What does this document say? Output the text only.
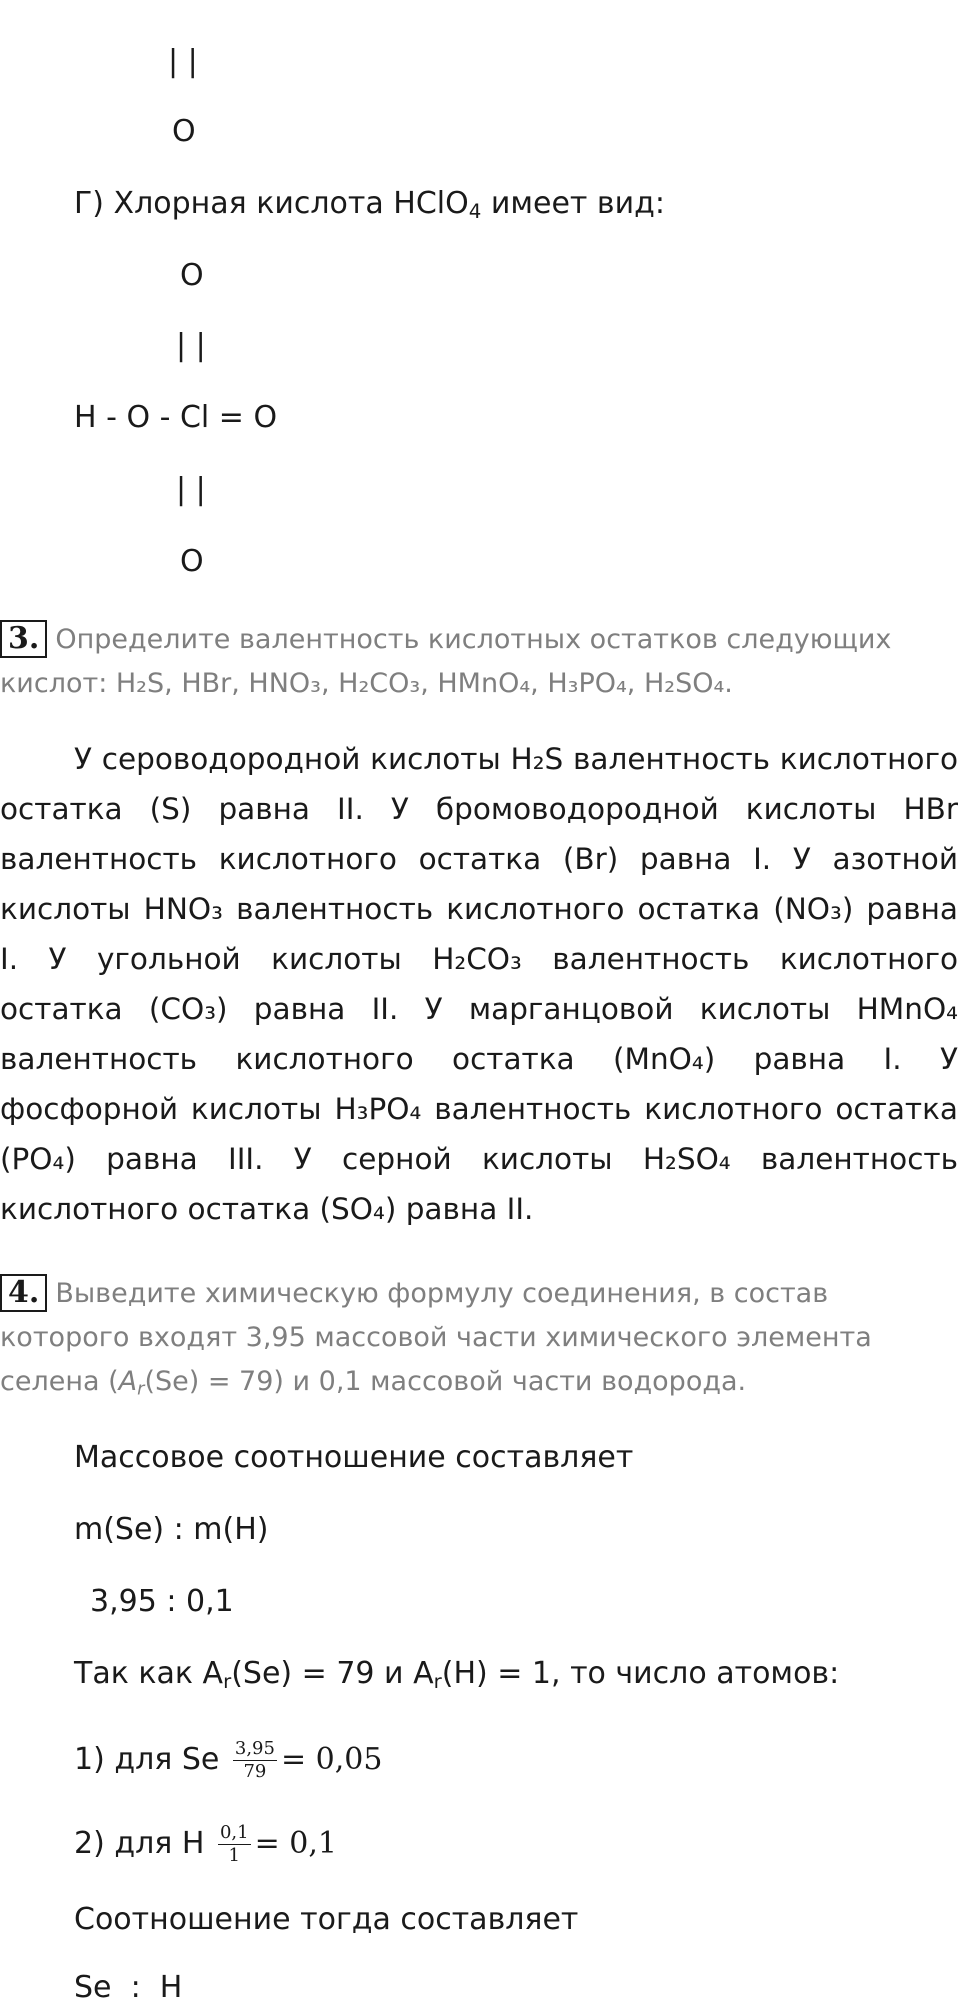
| |
O
Г) Хлорная кислота HClO$_4$ имеет вид:
O
| |
H - O - Cl = O
| |
O
3. Определите валентность кислотных остатков следующих кислот: H₂S, HBr, HNO₃, H₂CO₃, HMnO₄, H₃PO₄, H₂SO₄.
У сероводородной кислоты H₂S валентность кислотного остатка (S) равна II. У бромоводородной кислоты HBr валентность кислотного остатка (Br) равна I. У азотной кислоты HNO₃ валентность кислотного остатка (NO₃) равна I. У угольной кислоты H₂CO₃ валентность кислотного остатка (CO₃) равна II. У марганцовой кислоты HMnO₄ валентность кислотного остатка (MnO₄) равна I. У фосфорной кислоты H₃PO₄ валентность кислотного остатка (PO₄) равна III. У серной кислоты H₂SO₄ валентность кислотного остатка (SO₄) равна II.
4. Выведите химическую формулу соединения, в состав которого входят 3,95 массовой части химического элемента селена $(A_r(Se) = 79)$ и 0,1 массовой части водорода.
Массовое соотношение составляет
m(Se) : m(H)
3,95 : 0,1
Так как $A_r(Se) = 79$ и $A_r(H) = 1$, то число атомов:
1) для Se $\frac{3,95}{79} = 0,05$
2) для H $\frac{0,1}{1} = 0,1$
Соотношение тогда составляет
Se  :  H
